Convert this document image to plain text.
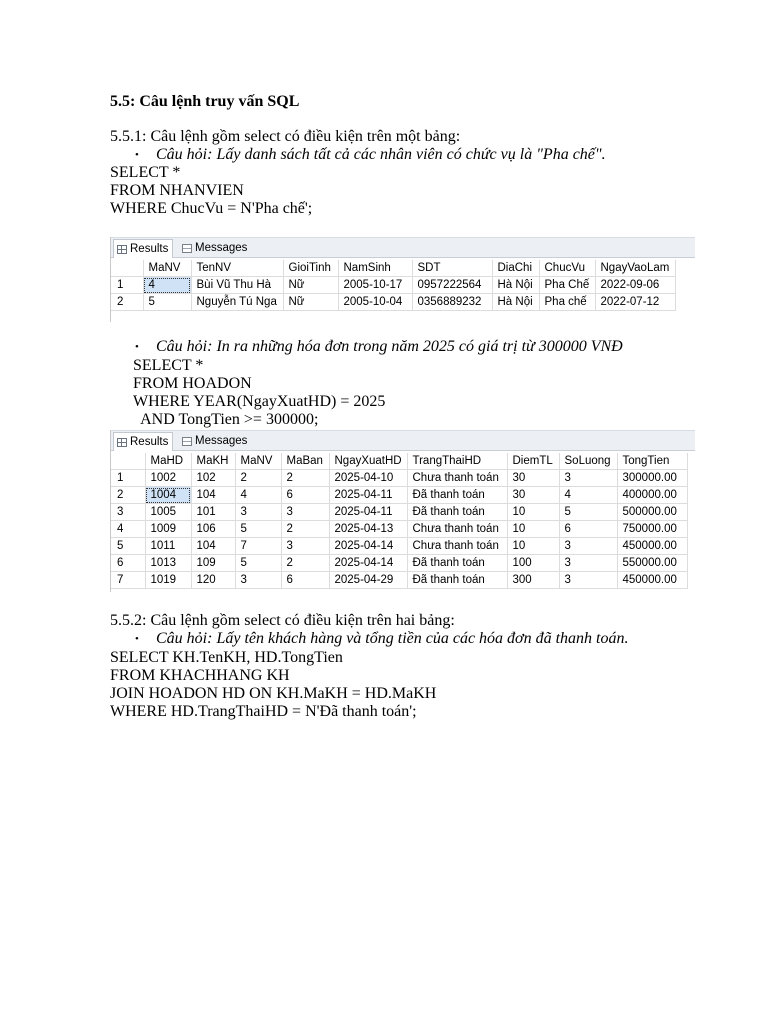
5.5: Câu lệnh truy vấn SQL
5.5.1: Câu lệnh gồm select có điều kiện trên một bảng:
• Câu hỏi: Lấy danh sách tất cả các nhân viên có chức vụ là "Pha chế".
SELECT *
FROM NHANVIEN
WHERE ChucVu = N'Pha chế';
Results Messages
	MaNV	TenNV	GioiTinh	NamSinh	SDT	DiaChi	ChucVu	NgayVaoLam
1	4	Bùi Vũ Thu Hà	Nữ	2005-10-17	0957222564	Hà Nội	Pha Chế	2022-09-06
2	5	Nguyễn Tú Nga	Nữ	2005-10-04	0356889232	Hà Nội	Pha chế	2022-07-12
• Câu hỏi: In ra những hóa đơn trong năm 2025 có giá trị từ 300000 VNĐ
SELECT *
FROM HOADON
WHERE YEAR(NgayXuatHD) = 2025
AND TongTien >= 300000;
Results Messages
	MaHD	MaKH	MaNV	MaBan	NgayXuatHD	TrangThaiHD	DiemTL	SoLuong	TongTien
1	1002	102	2	2	2025-04-10	Chưa thanh toán	30	3	300000.00
2	1004	104	4	6	2025-04-11	Đã thanh toán	30	4	400000.00
3	1005	101	3	3	2025-04-11	Đã thanh toán	10	5	500000.00
4	1009	106	5	2	2025-04-13	Chưa thanh toán	10	6	750000.00
5	1011	104	7	3	2025-04-14	Chưa thanh toán	10	3	450000.00
6	1013	109	5	2	2025-04-14	Đã thanh toán	100	3	550000.00
7	1019	120	3	6	2025-04-29	Đã thanh toán	300	3	450000.00
5.5.2: Câu lệnh gồm select có điều kiện trên hai bảng:
• Câu hỏi: Lấy tên khách hàng và tổng tiền của các hóa đơn đã thanh toán.
SELECT KH.TenKH, HD.TongTien
FROM KHACHHANG KH
JOIN HOADON HD ON KH.MaKH = HD.MaKH
WHERE HD.TrangThaiHD = N'Đã thanh toán';
